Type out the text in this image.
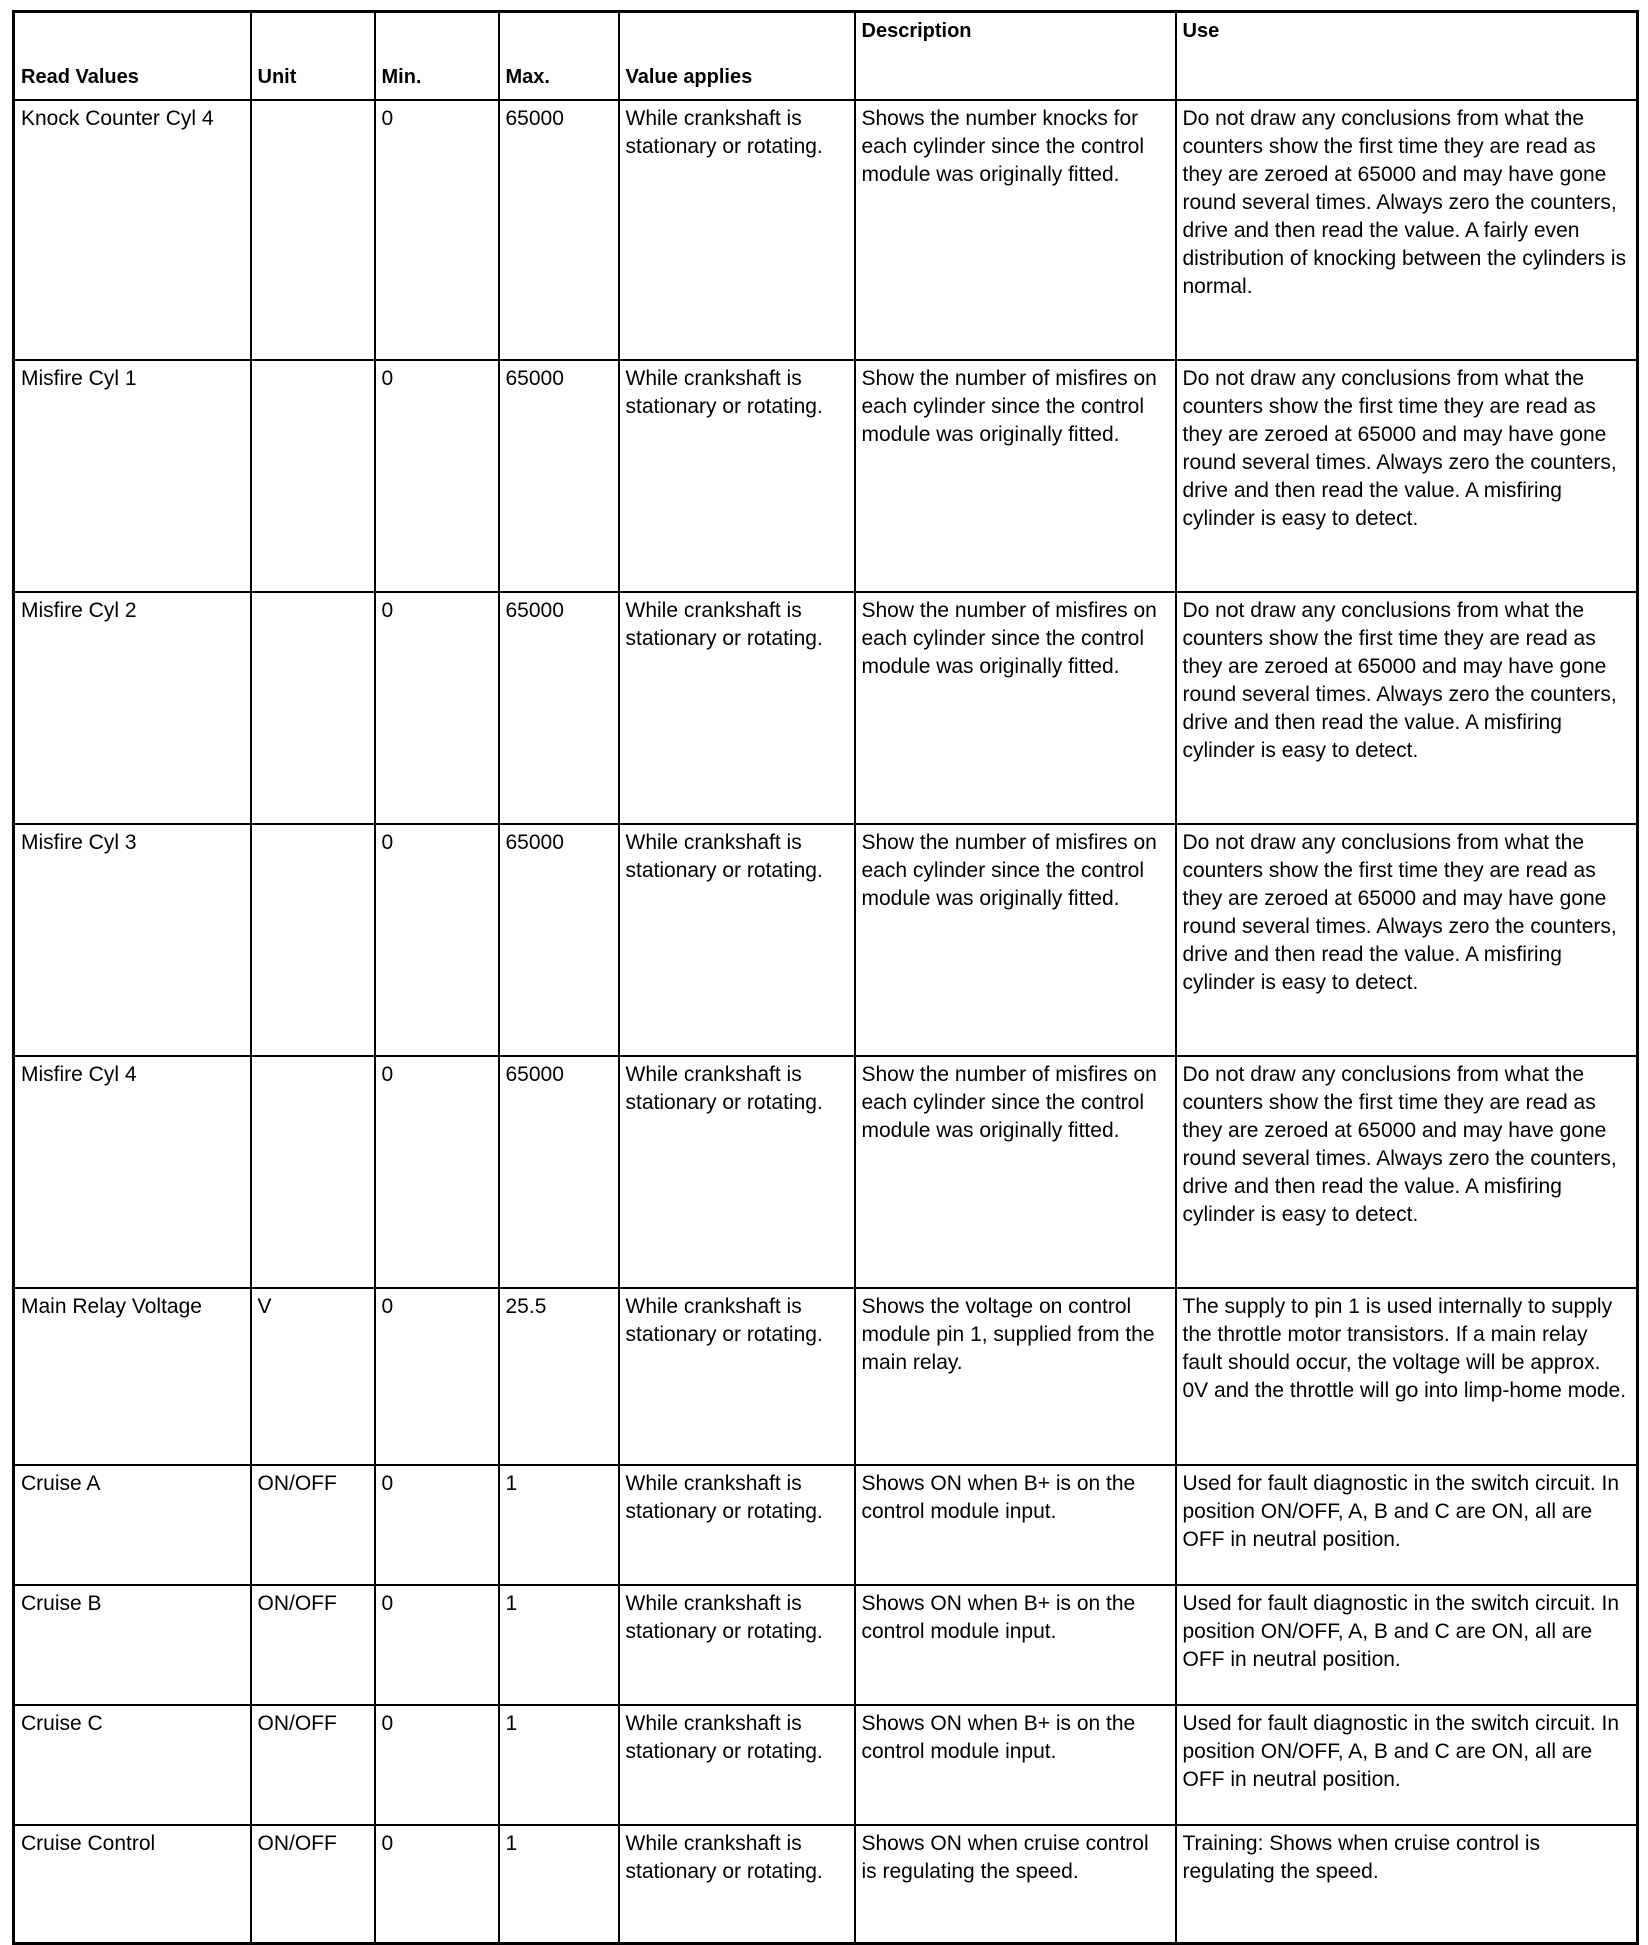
Read Values	Unit	Min.	Max.	Value applies	Description	Use
Knock Counter Cyl 4		0	65000	While crankshaft is stationary or rotating.	Shows the number knocks for each cylinder since the control module was originally fitted.	Do not draw any conclusions from what the counters show the first time they are read as they are zeroed at 65000 and may have gone round several times. Always zero the counters, drive and then read the value. A fairly even distribution of knocking between the cylinders is normal.
Misfire Cyl 1		0	65000	While crankshaft is stationary or rotating.	Show the number of misfires on each cylinder since the control module was originally fitted.	Do not draw any conclusions from what the counters show the first time they are read as they are zeroed at 65000 and may have gone round several times. Always zero the counters, drive and then read the value. A misfiring cylinder is easy to detect.
Misfire Cyl 2		0	65000	While crankshaft is stationary or rotating.	Show the number of misfires on each cylinder since the control module was originally fitted.	Do not draw any conclusions from what the counters show the first time they are read as they are zeroed at 65000 and may have gone round several times. Always zero the counters, drive and then read the value. A misfiring cylinder is easy to detect.
Misfire Cyl 3		0	65000	While crankshaft is stationary or rotating.	Show the number of misfires on each cylinder since the control module was originally fitted.	Do not draw any conclusions from what the counters show the first time they are read as they are zeroed at 65000 and may have gone round several times. Always zero the counters, drive and then read the value. A misfiring cylinder is easy to detect.
Misfire Cyl 4		0	65000	While crankshaft is stationary or rotating.	Show the number of misfires on each cylinder since the control module was originally fitted.	Do not draw any conclusions from what the counters show the first time they are read as they are zeroed at 65000 and may have gone round several times. Always zero the counters, drive and then read the value. A misfiring cylinder is easy to detect.
Main Relay Voltage	V	0	25.5	While crankshaft is stationary or rotating.	Shows the voltage on control module pin 1, supplied from the main relay.	The supply to pin 1 is used internally to supply the throttle motor transistors. If a main relay fault should occur, the voltage will be approx. 0V and the throttle will go into limp-home mode.
Cruise A	ON/OFF	0	1	While crankshaft is stationary or rotating.	Shows ON when B+ is on the control module input.	Used for fault diagnostic in the switch circuit. In position ON/OFF, A, B and C are ON, all are OFF in neutral position.
Cruise B	ON/OFF	0	1	While crankshaft is stationary or rotating.	Shows ON when B+ is on the control module input.	Used for fault diagnostic in the switch circuit. In position ON/OFF, A, B and C are ON, all are OFF in neutral position.
Cruise C	ON/OFF	0	1	While crankshaft is stationary or rotating.	Shows ON when B+ is on the control module input.	Used for fault diagnostic in the switch circuit. In position ON/OFF, A, B and C are ON, all are OFF in neutral position.
Cruise Control	ON/OFF	0	1	While crankshaft is stationary or rotating.	Shows ON when cruise control is regulating the speed.	Training: Shows when cruise control is regulating the speed.
